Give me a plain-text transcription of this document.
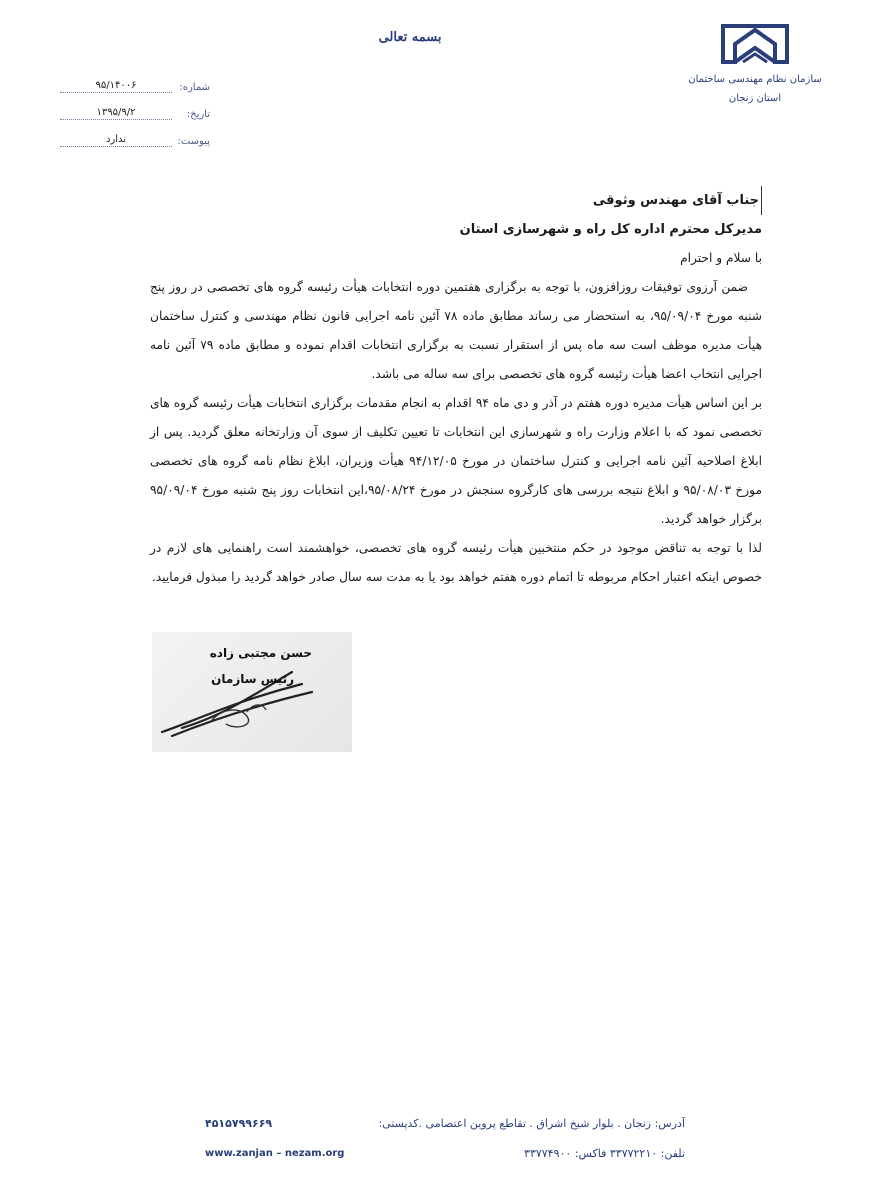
بسمه تعالی
سازمان نظام مهندسی ساختمان
استان زنجان
شماره:
۹۵/۱۴۰۰۶
تاریخ:
۱۳۹۵/۹/۲
پیوست:
ندارد
جناب آقای مهندس وثوقی
مدیرکل محترم اداره کل راه و شهرسازی استان
با سلام و احترام

ضمن آرزوی توفیقات روزافزون، با توجه به برگزاری هفتمین دوره انتخابات هیأت رئیسه گروه های تخصصی در روز پنج شنبه مورخ ۹۵/۰۹/۰۴، به استحضار می رساند مطابق ماده ۷۸ آئین نامه اجرایی قانون نظام مهندسی و کنترل ساختمان هیأت مدیره موظف است سه ماه پس از استقرار نسبت به برگزاری انتخابات اقدام نموده و مطابق ماده ۷۹ آئین نامه اجرایی انتخاب اعضا هیأت رئیسه گروه های تخصصی برای سه ساله می باشد.

بر این اساس هیأت مدیره دوره هفتم در آذر و دی ماه ۹۴ اقدام به انجام مقدمات برگزاری انتخابات هیأت رئیسه گروه های تخصصی نمود که با اعلام وزارت راه و شهرسازی این انتخابات تا تعیین تکلیف از سوی آن وزارتخانه معلق گردید. پس از ابلاغ اصلاحیه آئین نامه اجرایی و کنترل ساختمان در مورخ ۹۴/۱۲/۰۵ هیأت وزیران، ابلاغ نظام نامه گروه های تخصصی مورخ ۹۵/۰۸/۰۳ و ابلاغ نتیجه بررسی های کارگروه سنجش در مورخ ۹۵/۰۸/۲۴،این انتخابات روز پنج شنبه مورخ ۹۵/۰۹/۰۴ برگزار خواهد گردید.

لذا با توجه به تناقض موجود در حکم منتخبین هیأت رئیسه گروه های تخصصی، خواهشمند است راهنمایی های لازم در خصوص اینکه اعتبار احکام مربوطه تا اتمام دوره هفتم خواهد بود یا به مدت سه سال صادر خواهد گردید را مبذول فرمایید.

حسن مجتبی زاده
رئیس سازمان
آدرس: زنجان . بلوار شیخ اشراق . تقاطع پروین اعتصامی .کدپستی:
۴۵۱۵۷۹۹۶۶۹
تلفن: ۳۳۷۷۲۲۱۰ فاکس: ۳۳۷۷۴۹۰۰
www.zanjan – nezam.org
